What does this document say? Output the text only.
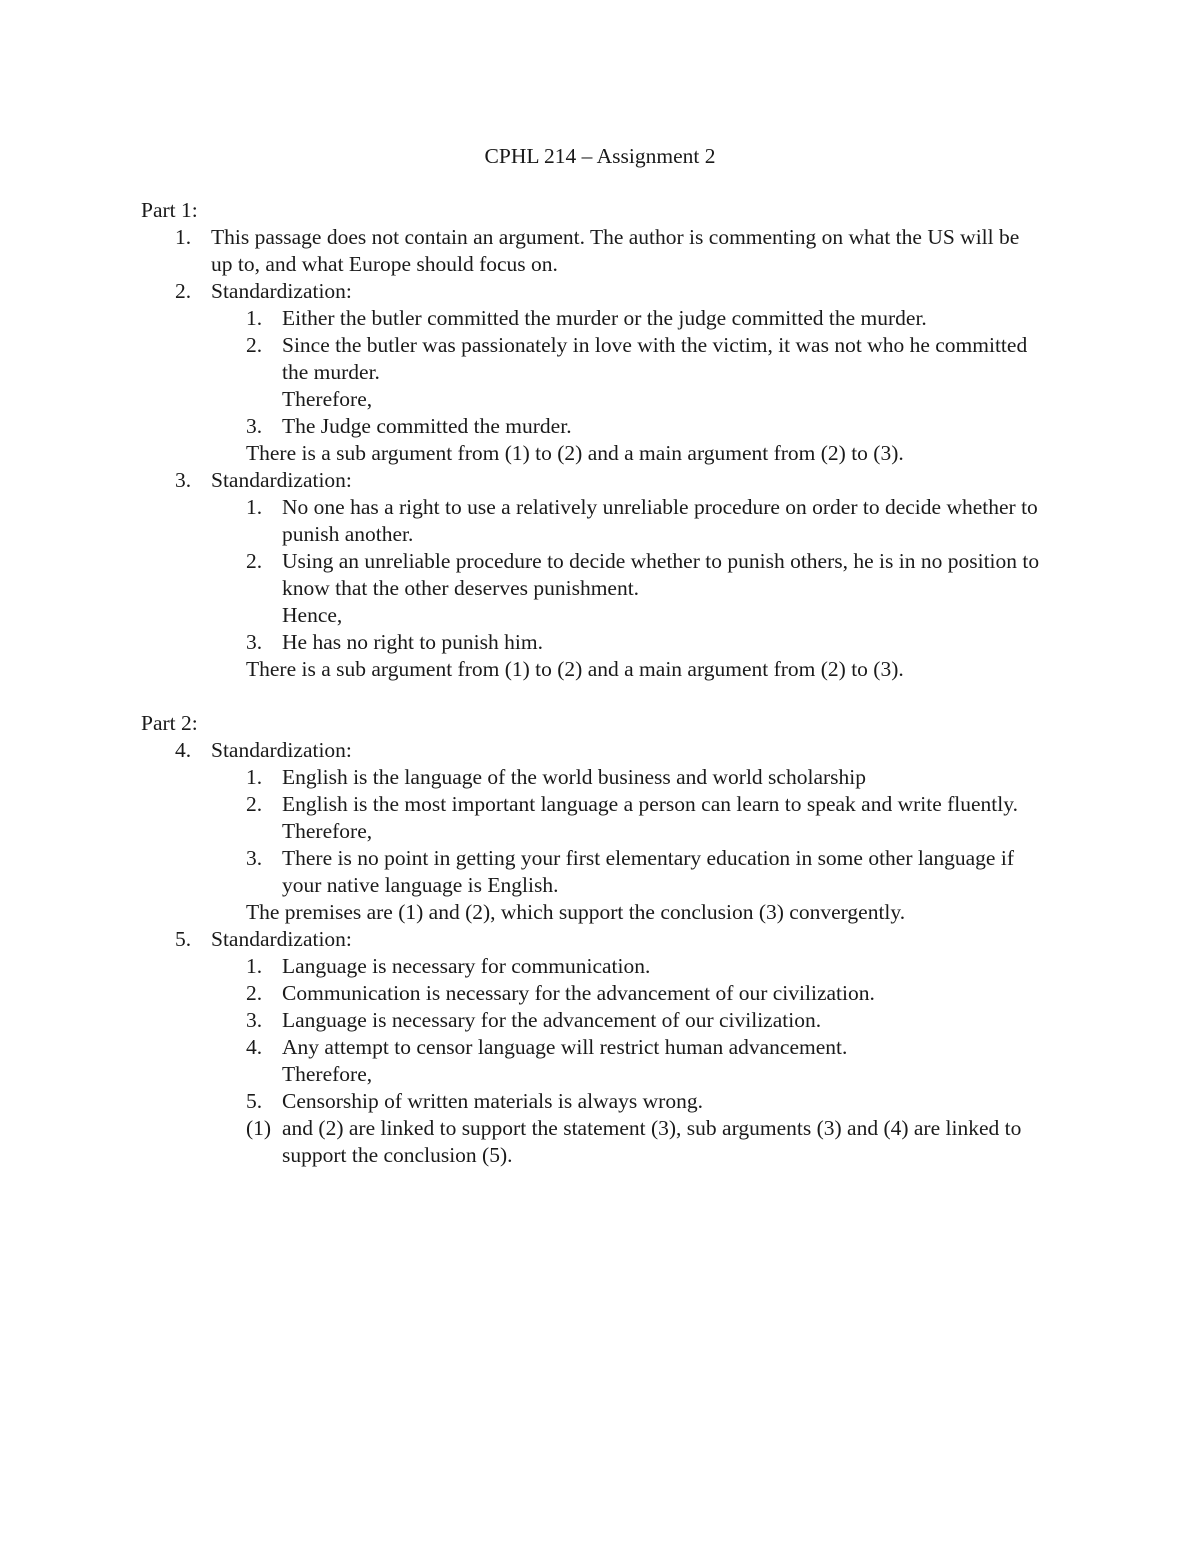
CPHL 214 – Assignment 2

Part 1:

1. This passage does not contain an argument. The author is commenting on what the US will be up to, and what Europe should focus on.
2. Standardization:
1. Either the butler committed the murder or the judge committed the murder.
2. Since the butler was passionately in love with the victim, it was not who he committed the murder.
Therefore,
3. The Judge committed the murder.
There is a sub argument from (1) to (2) and a main argument from (2) to (3).
3. Standardization:
1. No one has a right to use a relatively unreliable procedure on order to decide whether to punish another.
2. Using an unreliable procedure to decide whether to punish others, he is in no position to know that the other deserves punishment.
Hence,
3. He has no right to punish him.
There is a sub argument from (1) to (2) and a main argument from (2) to (3).

Part 2:

4. Standardization:
1. English is the language of the world business and world scholarship
2. English is the most important language a person can learn to speak and write fluently.
Therefore,
3. There is no point in getting your first elementary education in some other language if your native language is English.
The premises are (1) and (2), which support the conclusion (3) convergently.
5. Standardization:
1. Language is necessary for communication.
2. Communication is necessary for the advancement of our civilization.
3. Language is necessary for the advancement of our civilization.
4. Any attempt to censor language will restrict human advancement.
Therefore,
5. Censorship of written materials is always wrong.
(1) and (2) are linked to support the statement (3), sub arguments (3) and (4) are linked to support the conclusion (5).
